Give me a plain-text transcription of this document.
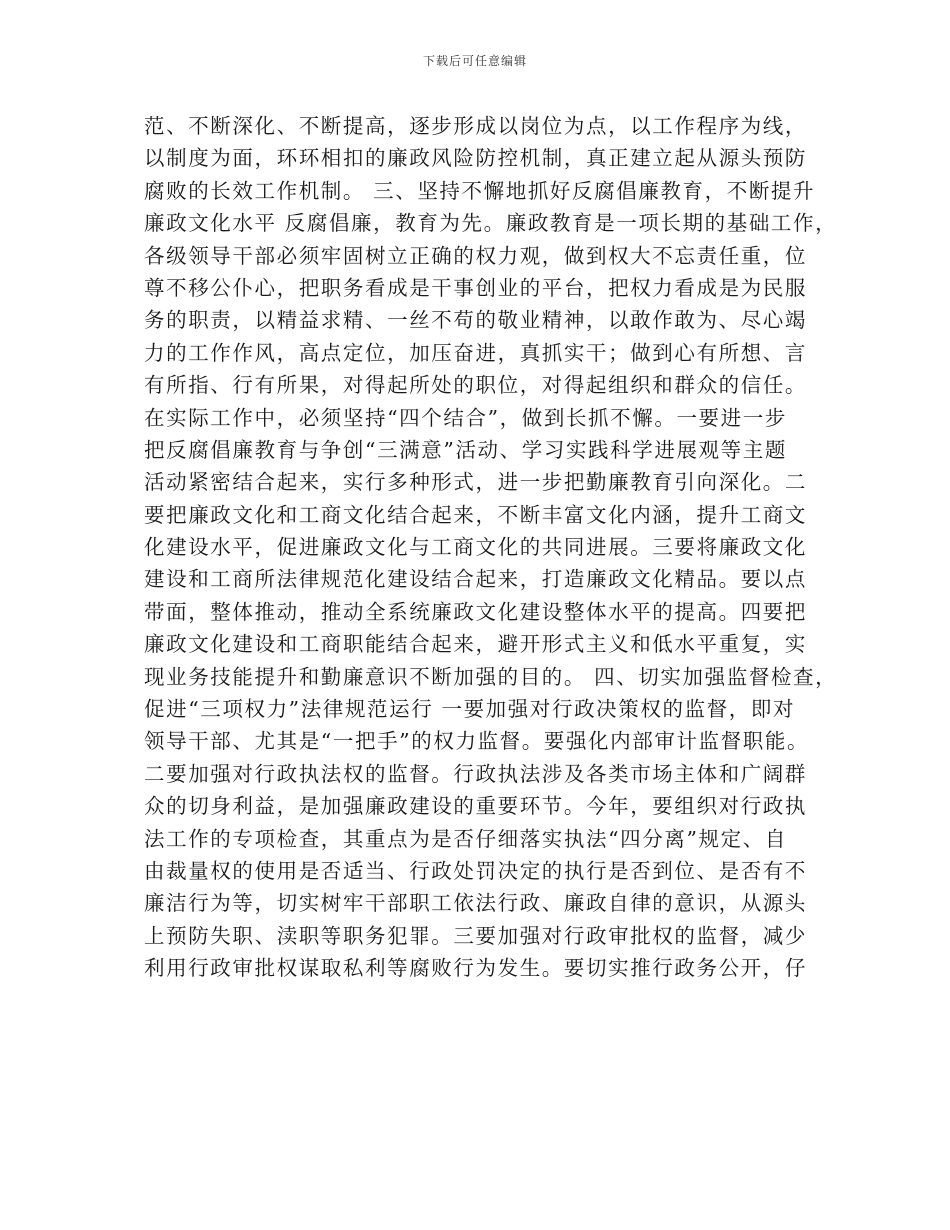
下载后可任意编辑
范、不断深化、不断提高，逐步形成以岗位为点，以工作程序为线，
以制度为面，环环相扣的廉政风险防控机制，真正建立起从源头预防
腐败的长效工作机制。 三、坚持不懈地抓好反腐倡廉教育，不断提升
廉政文化水平 反腐倡廉，教育为先。廉政教育是一项长期的基础工作，
各级领导干部必须牢固树立正确的权力观，做到权大不忘责任重，位
尊不移公仆心，把职务看成是干事创业的平台，把权力看成是为民服
务的职责，以精益求精、一丝不苟的敬业精神，以敢作敢为、尽心竭
力的工作作风，高点定位，加压奋进，真抓实干；做到心有所想、言
有所指、行有所果，对得起所处的职位，对得起组织和群众的信任。
在实际工作中，必须坚持“四个结合”，做到长抓不懈。一要进一步
把反腐倡廉教育与争创“三满意”活动、学习实践科学进展观等主题
活动紧密结合起来，实行多种形式，进一步把勤廉教育引向深化。二
要把廉政文化和工商文化结合起来，不断丰富文化内涵，提升工商文
化建设水平，促进廉政文化与工商文化的共同进展。三要将廉政文化
建设和工商所法律规范化建设结合起来，打造廉政文化精品。要以点
带面，整体推动，推动全系统廉政文化建设整体水平的提高。四要把
廉政文化建设和工商职能结合起来，避开形式主义和低水平重复，实
现业务技能提升和勤廉意识不断加强的目的。 四、切实加强监督检查，
促进“三项权力”法律规范运行 一要加强对行政决策权的监督，即对
领导干部、尤其是“一把手”的权力监督。要强化内部审计监督职能。
二要加强对行政执法权的监督。行政执法涉及各类市场主体和广阔群
众的切身利益，是加强廉政建设的重要环节。今年，要组织对行政执
法工作的专项检查，其重点为是否仔细落实执法“四分离”规定、自
由裁量权的使用是否适当、行政处罚决定的执行是否到位、是否有不
廉洁行为等，切实树牢干部职工依法行政、廉政自律的意识，从源头
上预防失职、渎职等职务犯罪。三要加强对行政审批权的监督，减少
利用行政审批权谋取私利等腐败行为发生。要切实推行政务公开，仔
